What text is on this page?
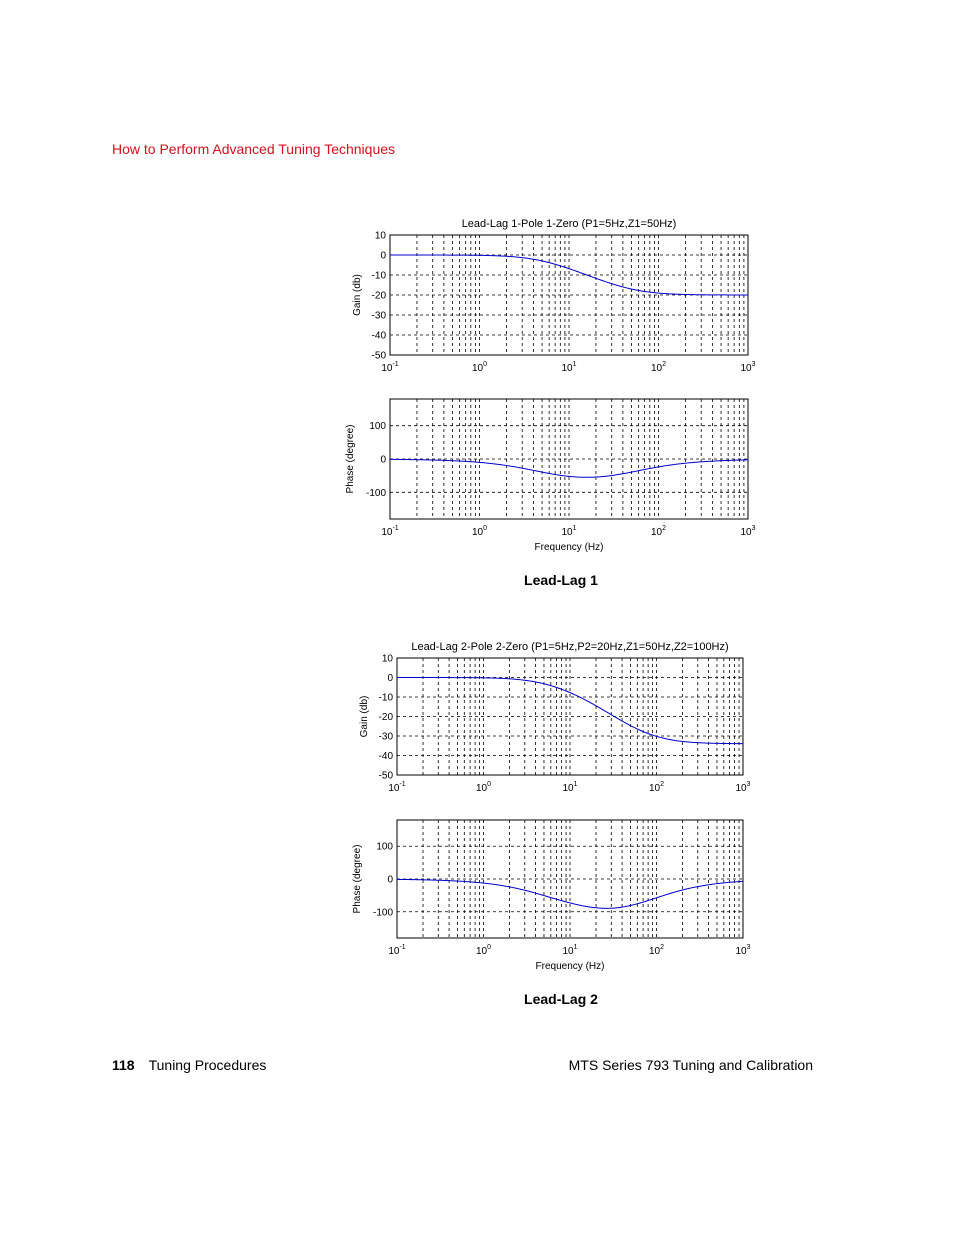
How to Perform Advanced Tuning Techniques
10
0
-10
-20
-30
-40
-50
$10^{-1}$	$10^0$	$10^1$	$10^2$	$10^3$
Lead-Lag 1-Pole 1-Zero (P1=5Hz,Z1=50Hz)
Gain (db)
100
0
-100
$10^{-1}$	$10^0$	$10^1$	$10^2$	$10^3$
Phase (degree)
Frequency (Hz)
Lead-Lag 1
10
0
-10
-20
-30
-40
-50
$10^{-1}$	$10^0$	$10^1$	$10^2$	$10^3$
Lead-Lag 2-Pole 2-Zero (P1=5Hz,P2=20Hz,Z1=50Hz,Z2=100Hz)
Gain (db)
100
0
-100
$10^{-1}$	$10^0$	$10^1$	$10^2$	$10^3$
Phase (degree)
Frequency (Hz)
Lead-Lag 2
118 Tuning Procedures	MTS Series 793 Tuning and Calibration
